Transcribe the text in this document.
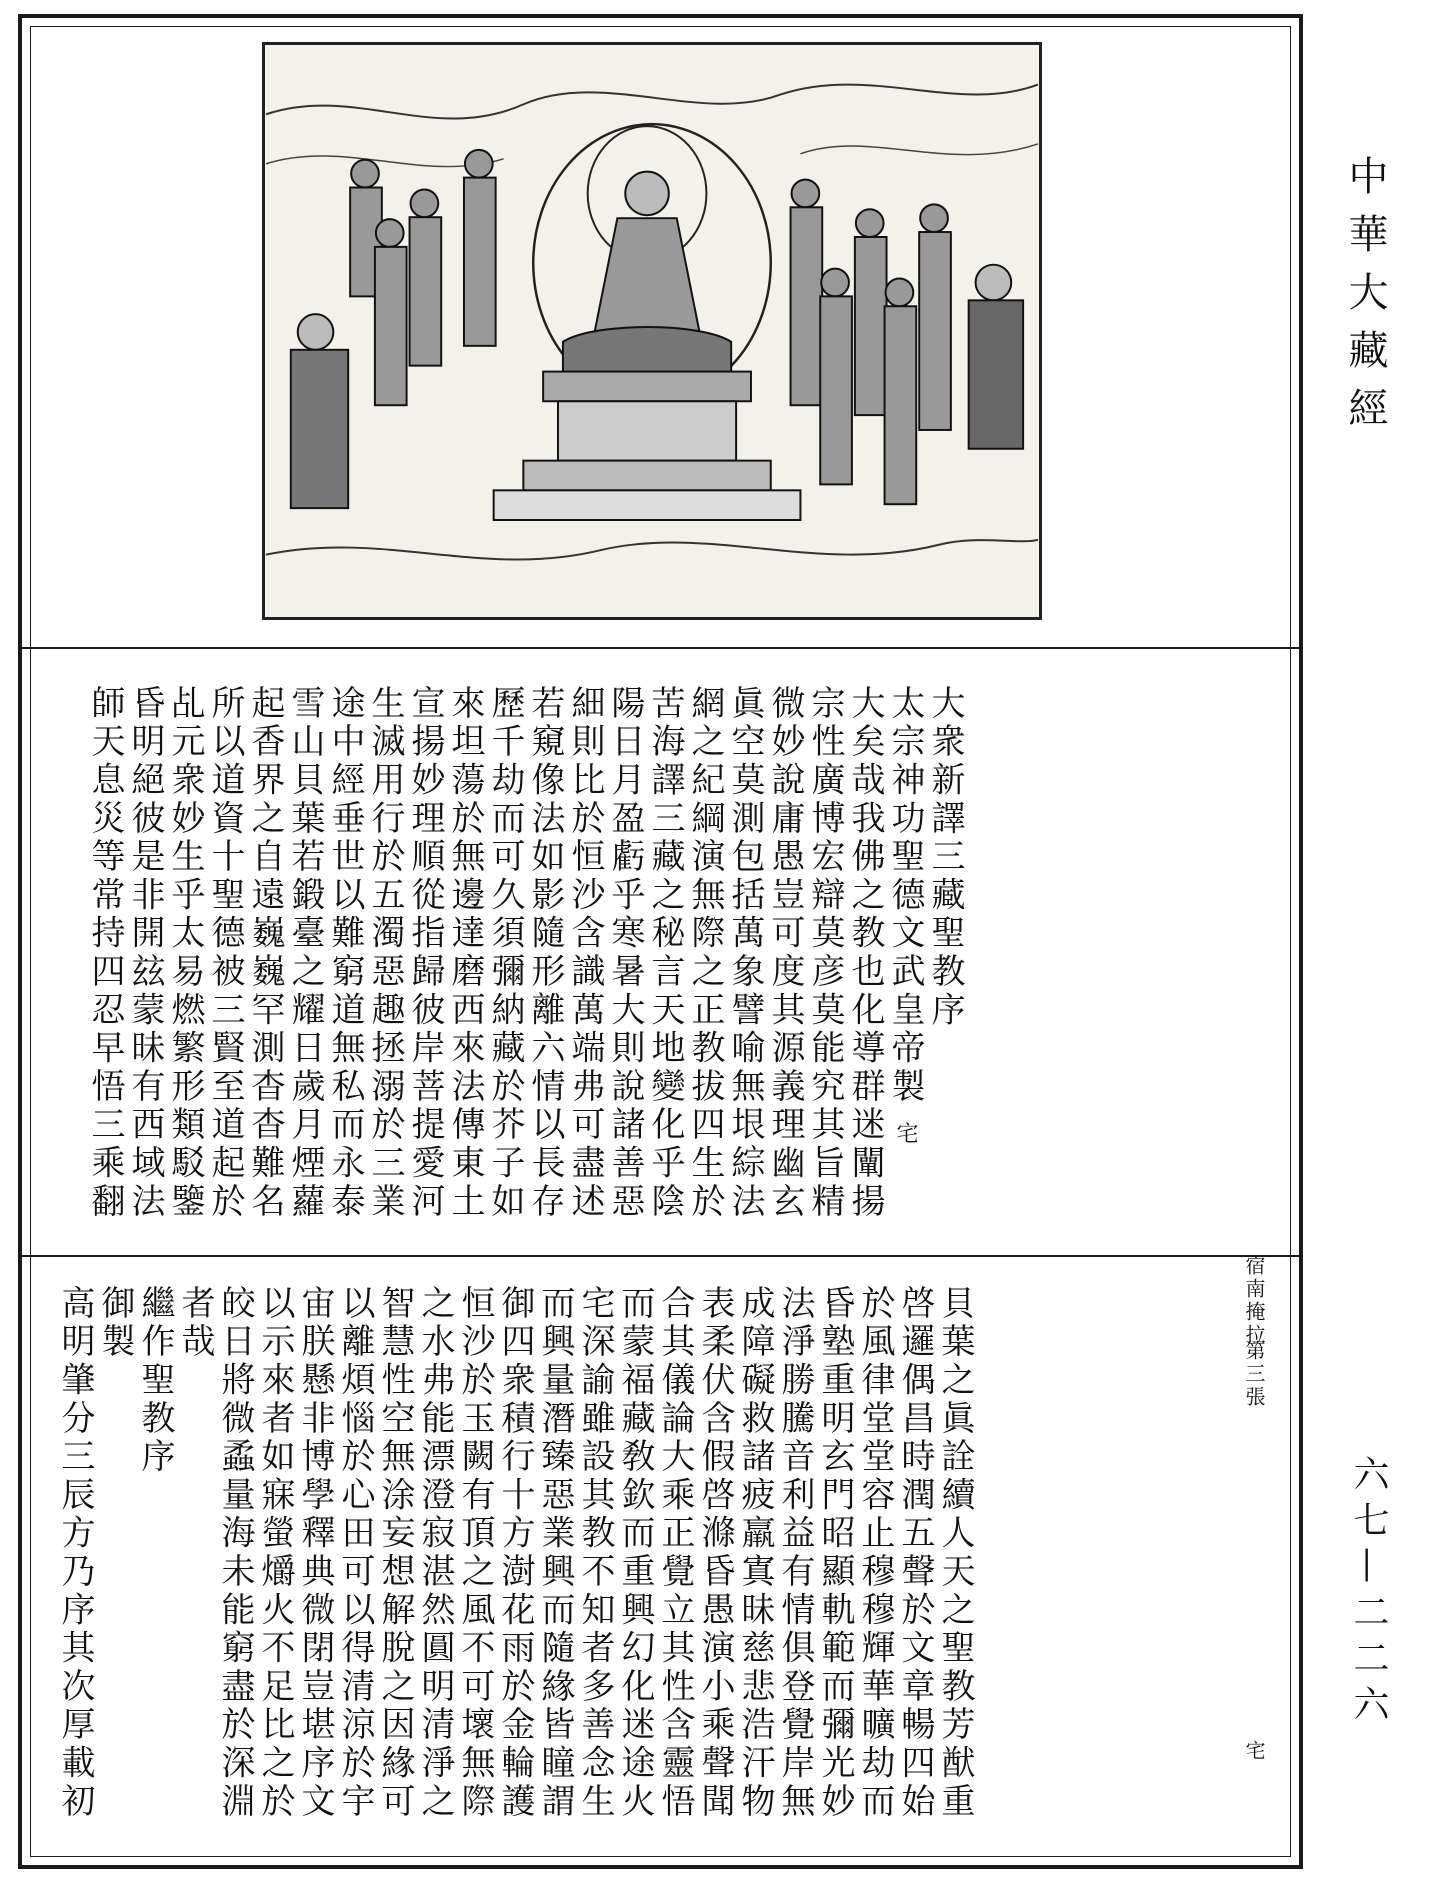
中華大藏經
六七—二二六
大衆新譯三藏聖教序
太宗神功聖德文武皇帝製 宅
大矣哉我佛之教也化導群迷闡揚
宗性廣博宏辯莫彦莫能究其旨精
微妙說庸愚豈可度其源義理幽玄
眞空莫測包括萬象譬喻無垠綜法
網之紀綱演無際之正教拔四生於
苦海譯三藏之秘言天地變化乎陰
陽日月盈虧乎寒暑大則說諸善惡
細則比於恒沙含識萬端弗可盡述
若窺像法如影隨形離六情以長存
歷千劫而可久須彌納藏於芥子如
來坦蕩於無邊達磨西來法傳東土
宣揚妙理順從指歸彼岸菩提愛河
生滅用行於五濁惡趣拯溺於三業
途中經垂世以難窮道無私而永泰
雪山貝葉若鍛臺之耀日歲月煙蘿
起香界之自遠巍巍罕測杳杳難名
所以道資十聖德被三賢至道起於
乩元衆妙生乎太易燃繁形類駁鑒
昏明絕彼是非開玆蒙昧有西域法
師天息災等常持四忍早悟三乘翻
貝葉之眞詮續人天之聖教芳猷重
啓邏偶昌時潤五聲於文章暢四始
於風律堂堂容止穆穆輝華曠劫而
昏塾重明玄門昭顯軌範而彌光妙
法淨勝騰音利益有情俱登覺岸無
成障礙救諸疲羸寘昧慈悲浩汗物
表柔伏含假啓滌昏愚演小乘聲聞
合其儀論大乘正覺立其性含靈悟
而蒙福藏敎欽而重興幻化迷途火
宅深諭雖設其教不知者多善念生
而興量潛臻惡業興而隨緣皆瞳謂
御四衆積行十方澍花雨於金輪護
恒沙於玉闕有頂之風不可壞無際
之水弗能漂澄寂湛然圓明清淨之
智慧性空無涂妄想解脫之因緣可
以離煩惱於心田可以得清涼於宇
宙朕懸非博學釋典微閉豈堪序文
以示來者如寐螢爝火不足比之於
皎日將微蟊量海未能窮盡於深淵
者哉
繼作聖教序
御製
高明肇分三辰方乃序其次厚載初	宿南掩拉
第三張
宅
